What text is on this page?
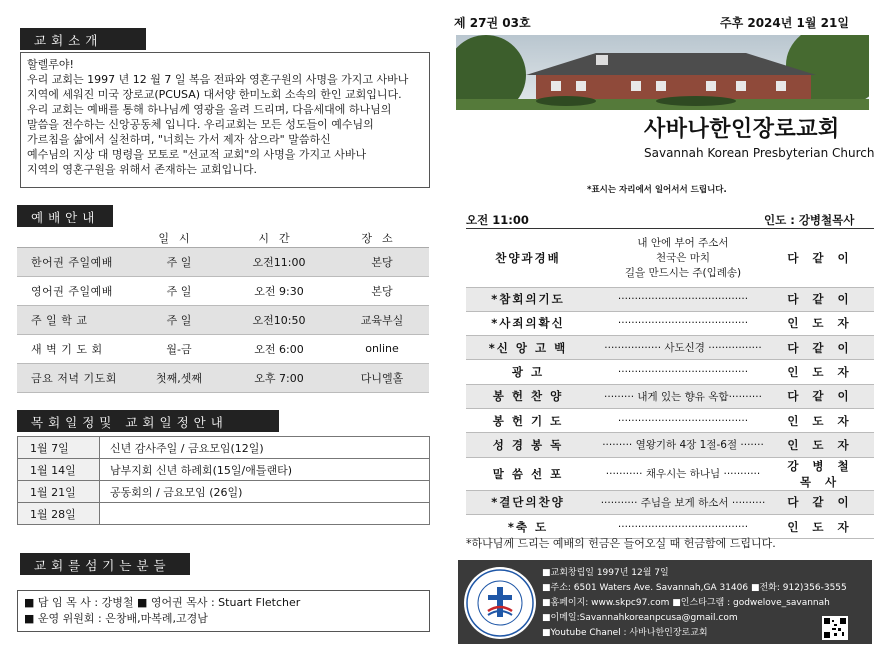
교회소개
할렐루야!
우리 교회는 1997 년 12 월 7 일 복음 전파와 영혼구원의 사명을 가지고 사바나
지역에 세워진 미국 장로교(PCUSA) 대서양 한미노회 소속의 한인 교회입니다.
우리 교회는 예배를 통해 하나님께 영광을 올려 드리며, 다음세대에 하나님의
말씀을 전수하는 신앙공동체 입니다. 우리교회는 모든 성도들이 예수님의
가르침을 삶에서 실천하며, "너희는 가서 제자 삼으라" 말씀하신
예수님의 지상 대 명령을 모토로 "선교적 교회"의 사명을 가지고 사바나
지역의 영혼구원을 위해서 존재하는 교회입니다.
예배안내
	일시	시간	장소
한어권 주일예배	주 일	오전11:00	본당
영어권 주일예배	주 일	오전 9:30	본당
주 일 학 교	주 일	오전10:50	교육부실
새 벽 기 도 회	월-금	오전 6:00	online
금요 저녁 기도회	첫째,셋째	오후 7:00	다니엘홀
목회일정및 교회일정안내
1월 7일	신년 감사주일 / 금요모임(12일)
1월 14일	남부지회 신년 하례회(15일/애틀랜타)
1월 21일	공동회의 / 금요모임 (26일)
1월 28일	
교회를섬기는분들
■ 담 임 목 사 : 강병철 ■ 영어권 목사 : Stuart Fletcher
■ 운영 위원회 : 은창배,마복례,고경남
제 27권 03호	주후 2024년 1월 21일
사바나한인장로교회
Savannah Korean Presbyterian Church
*표시는 자리에서 일어서서 드립니다.
오전 11:00	인도 : 강병철목사
찬양과경배	내 안에 부어 주소서
천국은 마치
길을 만드시는 주(입례송)	다같이
*참회의기도	·······································	다같이
*사죄의확신	·······································	인도자
*신 앙 고 백	················· 사도신경 ················	다같이
광 고	·······································	인도자
봉 헌 찬 양	········· 내게 있는 향유 옥합··········	다같이
봉 헌 기 도	·······································	인도자
성 경 봉 독	········· 열왕기하 4장 1절-6절 ·······	인도자
말 씀 선 포	··········· 채우시는 하나님 ···········	강병철목사
*결단의찬양	··········· 주님을 보게 하소서 ··········	다같이
*축 도	·······································	인도자
*하나님께 드리는 예배의 헌금은 들어오실 때 헌금함에 드립니다.
■교회창립일 1997년 12월 7일
■주소: 6501 Waters Ave. Savannah,GA 31406 ■전화: 912)356-3555
■홈페이지: www.skpc97.com ■인스타그램 : godwelove_savannah
■이메일:Savannahkoreanpcusa@gmail.com
■Youtube Chanel : 사바나한인장로교회
